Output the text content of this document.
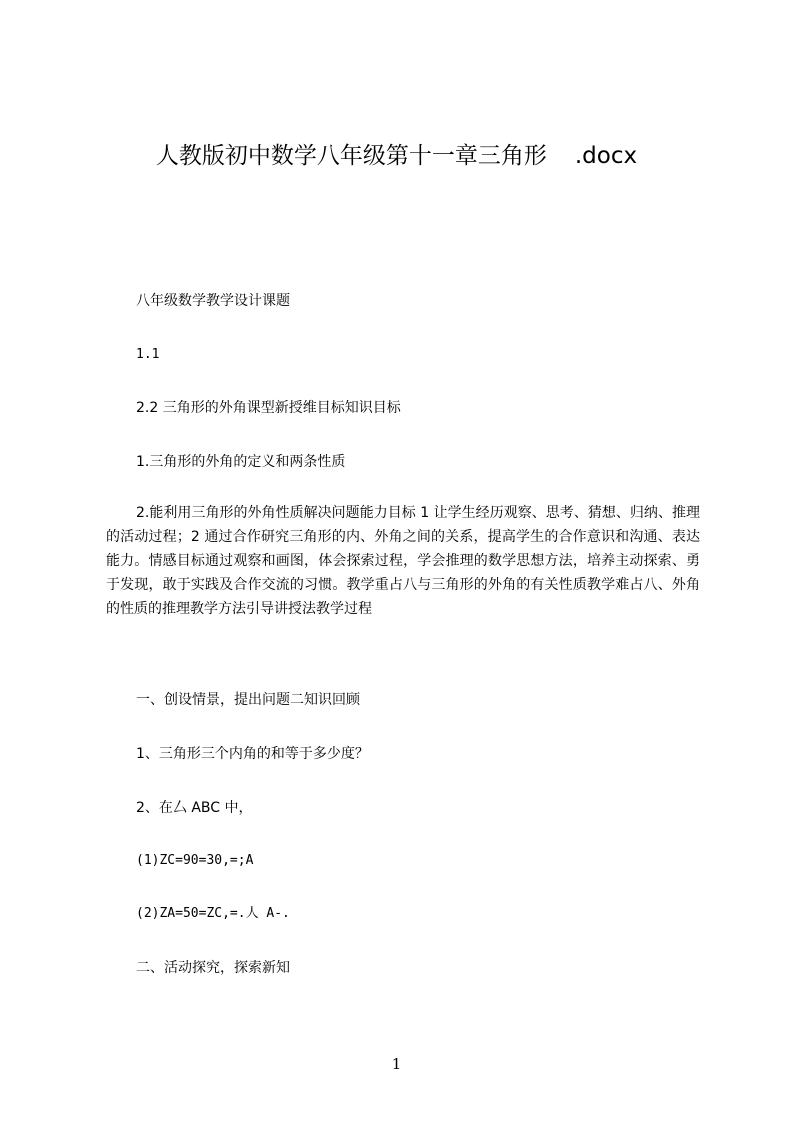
人教版初中数学八年级第十一章三角形 .docx
八年级数学教学设计课题
1.1
2.2 三角形的外角课型新授维目标知识目标
1.三角形的外角的定义和两条性质
2.能利用三角形的外角性质解决问题能力目标 1 让学生经历观察、思考、猜想、归纳、推理的活动过程；2 通过合作研究三角形的内、外角之间的关系，提高学生的合作意识和沟通、表达能力。情感目标通过观察和画图，体会探索过程，学会推理的数学思想方法，培养主动探索、勇于发现，敢于实践及合作交流的习惯。教学重占八与三角形的外角的有关性质教学难占八、外角的性质的推理教学方法引导讲授法教学过程
一、创设情景，提出问题二知识回顾
1、三角形三个内角的和等于多少度？
2、在厶 ABC 中，
(1)ZC=90=30,=;A
(2)ZA=50=ZC,=.人 A-.
二、活动探究，探索新知
1
